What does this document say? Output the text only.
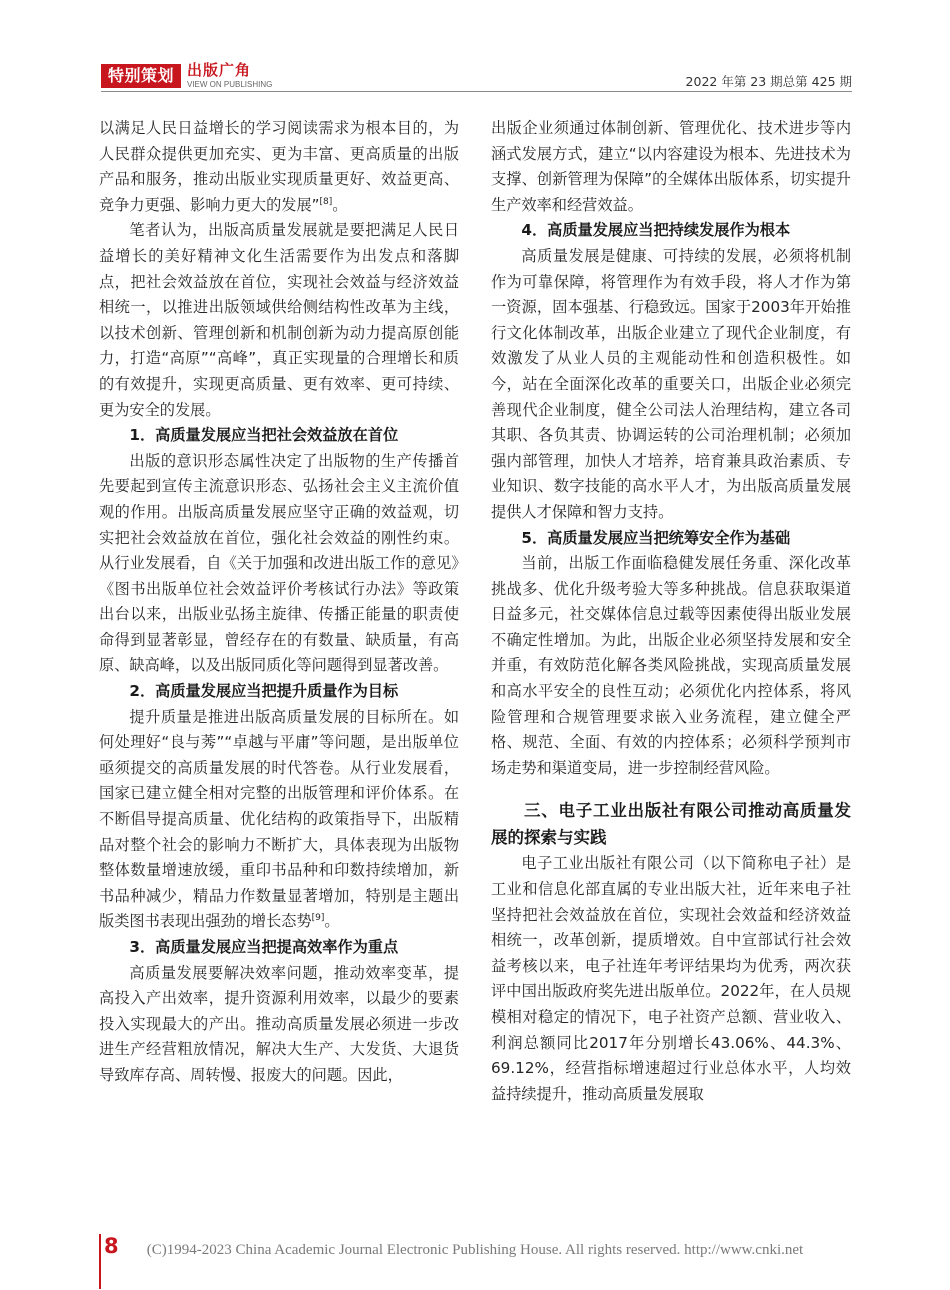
特别策划 出版广角
VIEW ON PUBLISHING	2022 年第 23 期总第 425 期

以满足人民日益增长的学习阅读需求为根本目的，为人民群众提供更加充实、更为丰富、更高质量的出版产品和服务，推动出版业实现质量更好、效益更高、竞争力更强、影响力更大的发展”[8]。

笔者认为，出版高质量发展就是要把满足人民日益增长的美好精神文化生活需要作为出发点和落脚点，把社会效益放在首位，实现社会效益与经济效益相统一，以推进出版领域供给侧结构性改革为主线，以技术创新、管理创新和机制创新为动力提高原创能力，打造“高原”“高峰”，真正实现量的合理增长和质的有效提升，实现更高质量、更有效率、更可持续、更为安全的发展。

1．高质量发展应当把社会效益放在首位

出版的意识形态属性决定了出版物的生产传播首先要起到宣传主流意识形态、弘扬社会主义主流价值观的作用。出版高质量发展应坚守正确的效益观，切实把社会效益放在首位，强化社会效益的刚性约束。从行业发展看，自《关于加强和改进出版工作的意见》《图书出版单位社会效益评价考核试行办法》等政策出台以来，出版业弘扬主旋律、传播正能量的职责使命得到显著彰显，曾经存在的有数量、缺质量，有高原、缺高峰，以及出版同质化等问题得到显著改善。

2．高质量发展应当把提升质量作为目标

提升质量是推进出版高质量发展的目标所在。如何处理好“良与莠”“卓越与平庸”等问题，是出版单位亟须提交的高质量发展的时代答卷。从行业发展看，国家已建立健全相对完整的出版管理和评价体系。在不断倡导提高质量、优化结构的政策指导下，出版精品对整个社会的影响力不断扩大，具体表现为出版物整体数量增速放缓，重印书品种和印数持续增加，新书品种减少，精品力作数量显著增加，特别是主题出版类图书表现出强劲的增长态势[9]。

3．高质量发展应当把提高效率作为重点

高质量发展要解决效率问题，推动效率变革，提高投入产出效率，提升资源利用效率，以最少的要素投入实现最大的产出。推动高质量发展必须进一步改进生产经营粗放情况，解决大生产、大发货、大退货导致库存高、周转慢、报废大的问题。因此，

出版企业须通过体制创新、管理优化、技术进步等内涵式发展方式，建立“以内容建设为根本、先进技术为支撑、创新管理为保障”的全媒体出版体系，切实提升生产效率和经营效益。

4．高质量发展应当把持续发展作为根本

高质量发展是健康、可持续的发展，必须将机制作为可靠保障，将管理作为有效手段，将人才作为第一资源，固本强基、行稳致远。国家于2003年开始推行文化体制改革，出版企业建立了现代企业制度，有效激发了从业人员的主观能动性和创造积极性。如今，站在全面深化改革的重要关口，出版企业必须完善现代企业制度，健全公司法人治理结构，建立各司其职、各负其责、协调运转的公司治理机制；必须加强内部管理，加快人才培养，培育兼具政治素质、专业知识、数字技能的高水平人才，为出版高质量发展提供人才保障和智力支持。

5．高质量发展应当把统筹安全作为基础

当前，出版工作面临稳健发展任务重、深化改革挑战多、优化升级考验大等多种挑战。信息获取渠道日益多元，社交媒体信息过载等因素使得出版业发展不确定性增加。为此，出版企业必须坚持发展和安全并重，有效防范化解各类风险挑战，实现高质量发展和高水平安全的良性互动；必须优化内控体系，将风险管理和合规管理要求嵌入业务流程，建立健全严格、规范、全面、有效的内控体系；必须科学预判市场走势和渠道变局，进一步控制经营风险。

三、电子工业出版社有限公司推动高质量发展的探索与实践

电子工业出版社有限公司（以下简称电子社）是工业和信息化部直属的专业出版大社，近年来电子社坚持把社会效益放在首位，实现社会效益和经济效益相统一，改革创新，提质增效。自中宣部试行社会效益考核以来，电子社连年考评结果均为优秀，两次获评中国出版政府奖先进出版单位。2022年，在人员规模相对稳定的情况下，电子社资产总额、营业收入、利润总额同比2017年分别增长43.06%、44.3%、69.12%，经营指标增速超过行业总体水平，人均效益持续提升，推动高质量发展取

8	(C)1994-2023 China Academic Journal Electronic Publishing House. All rights reserved. http://www.cnki.net
